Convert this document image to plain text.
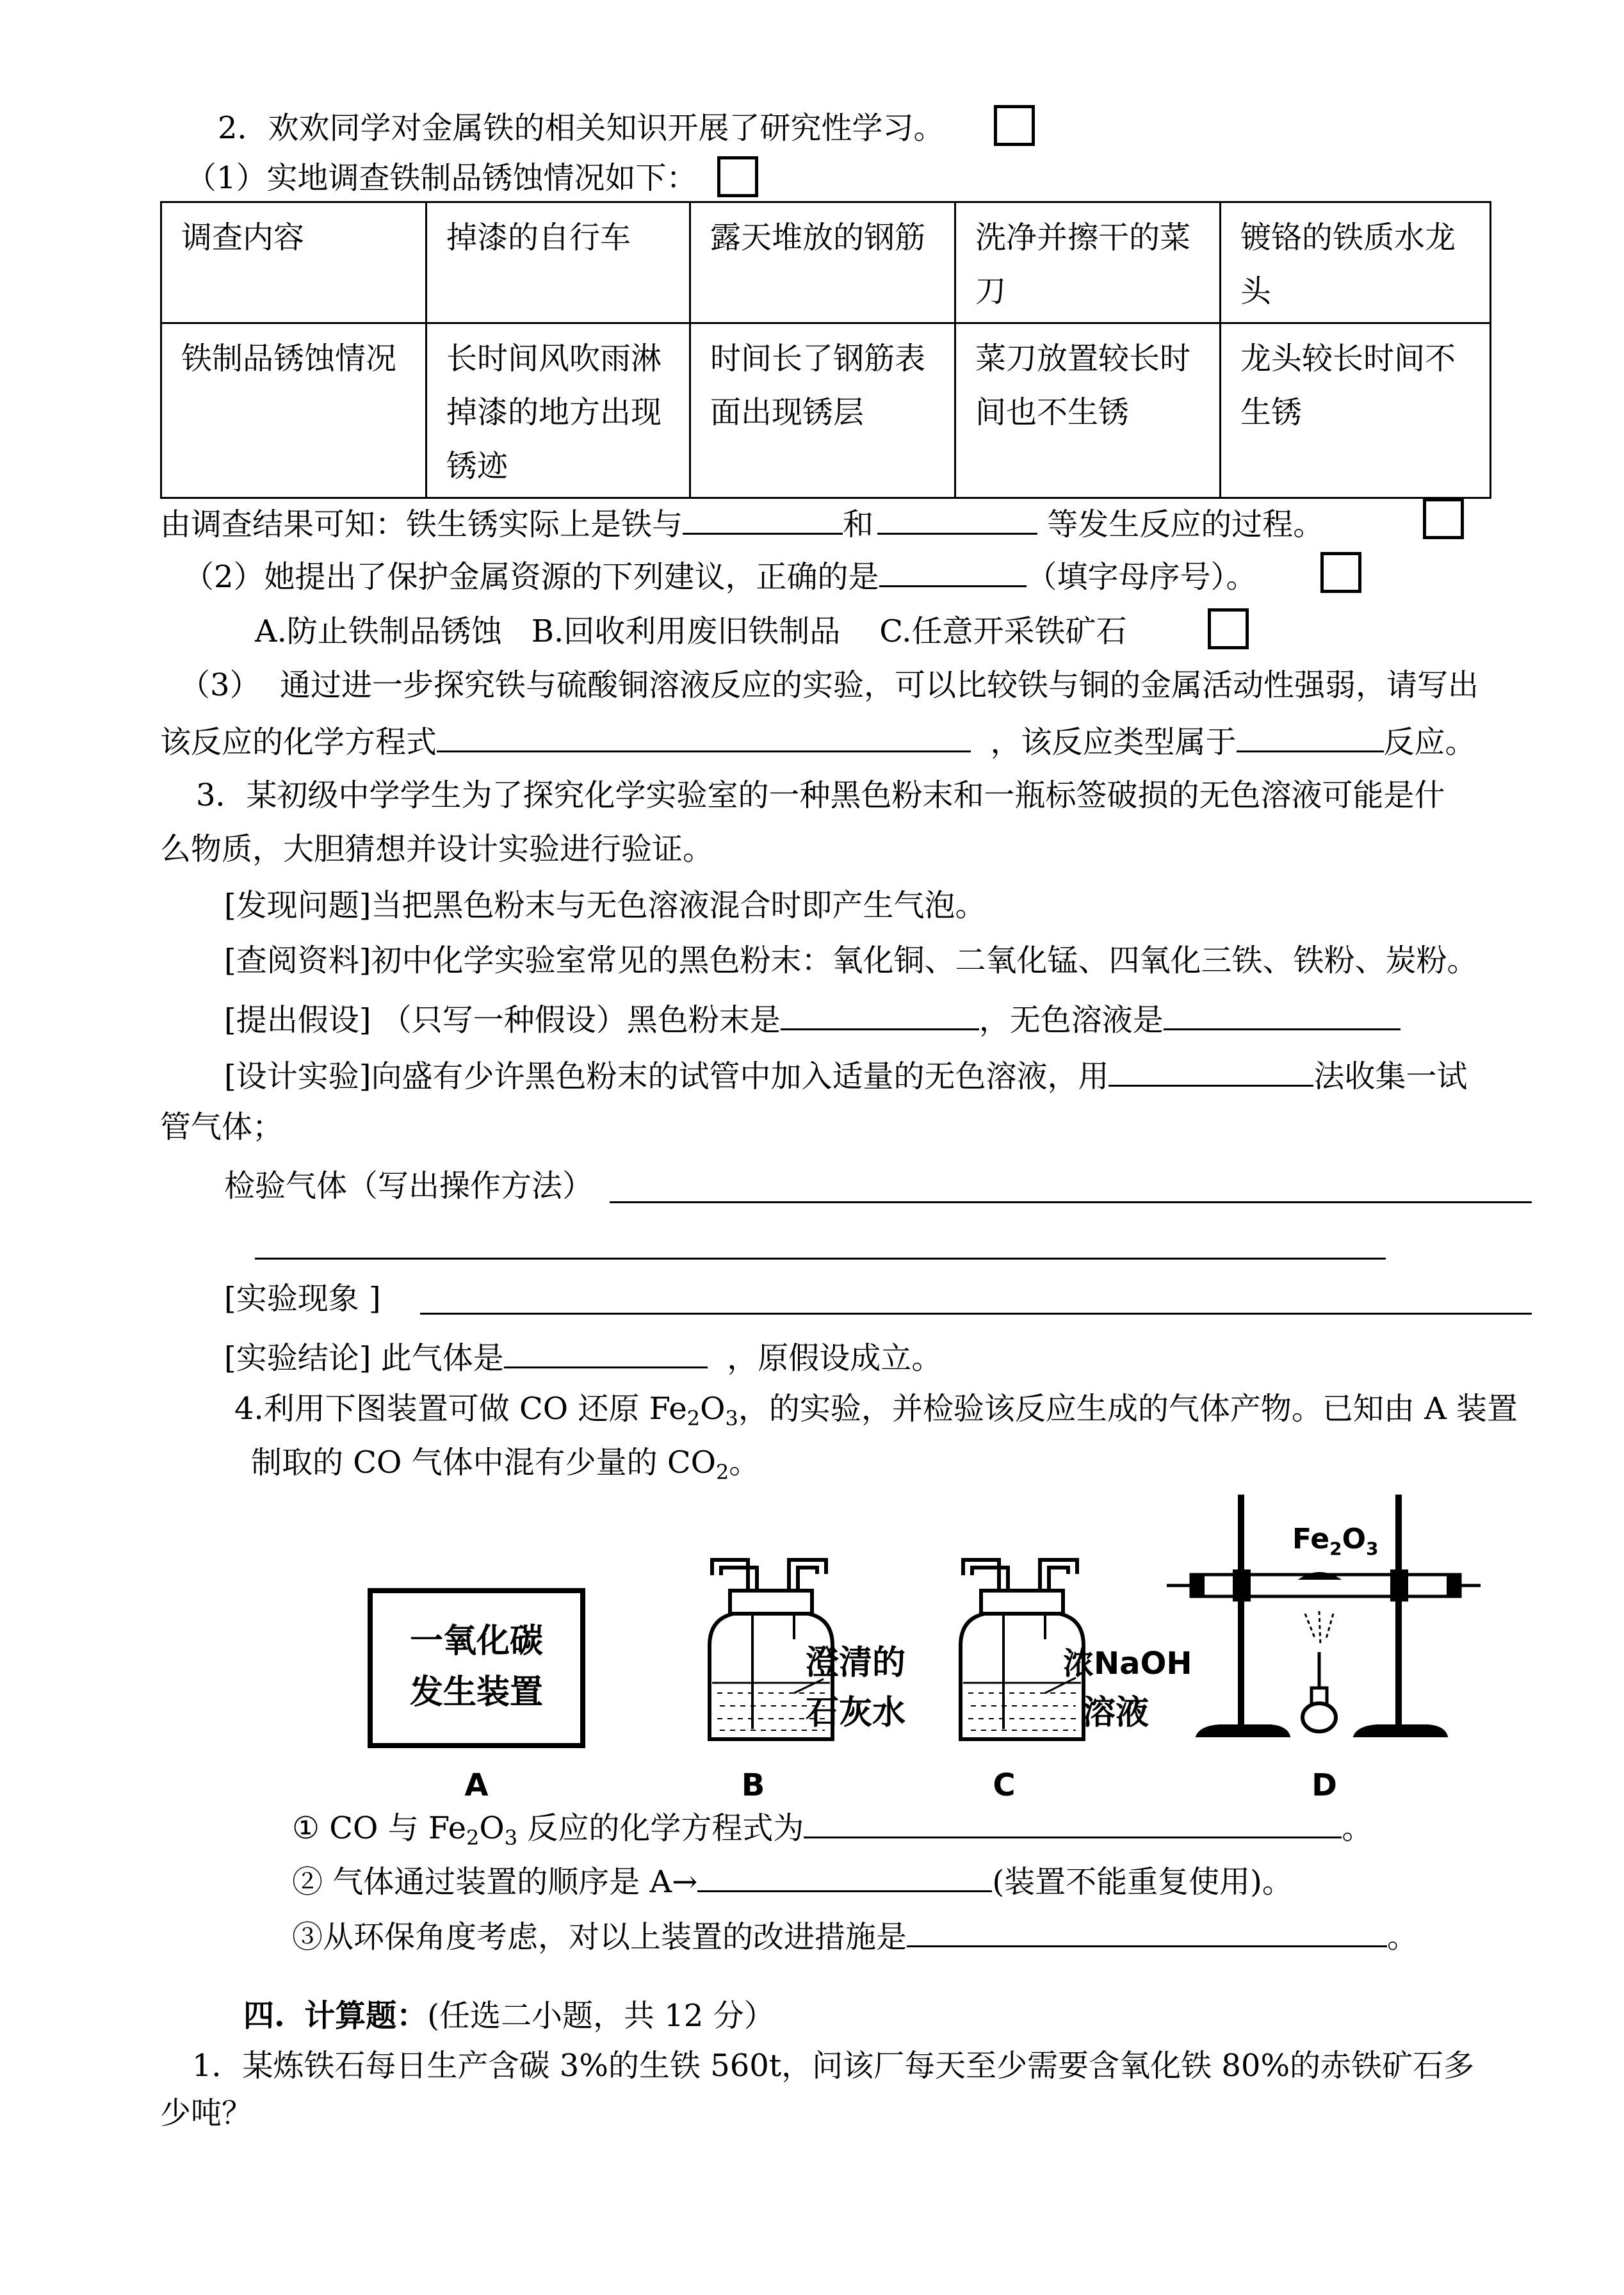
2．欢欢同学对金属铁的相关知识开展了研究性学习。
（1）实地调查铁制品锈蚀情况如下：
调查内容	掉漆的自行车	露天堆放的钢筋	洗净并擦干的菜刀	镀铬的铁质水龙头
铁制品锈蚀情况	长时间风吹雨淋掉漆的地方出现锈迹	时间长了钢筋表面出现锈层	菜刀放置较长时间也不生锈	龙头较长时间不生锈
由调查结果可知：铁生锈实际上是铁与	和	等发生反应的过程。
（2）她提出了保护金属资源的下列建议，正确的是	（填字母序号）。
A.防止铁制品锈蚀   B.回收利用废旧铁制品    C.任意开采铁矿石
（3）  通过进一步探究铁与硫酸铜溶液反应的实验，可以比较铁与铜的金属活动性强弱，请写出
该反应的化学方程式	，该反应类型属于	反应。
3．某初级中学学生为了探究化学实验室的一种黑色粉末和一瓶标签破损的无色溶液可能是什
么物质，大胆猜想并设计实验进行验证。
[发现问题]当把黑色粉末与无色溶液混合时即产生气泡。
[查阅资料]初中化学实验室常见的黑色粉末：氧化铜、二氧化锰、四氧化三铁、铁粉、炭粉。
[提出假设] （只写一种假设）黑色粉末是	，无色溶液是
[设计实验]向盛有少许黑色粉末的试管中加入适量的无色溶液，用	法收集一试
管气体；
检验气体（写出操作方法）
[实验现象 ]
[实验结论] 此气体是	，原假设成立。
4.利用下图装置可做 CO 还原 $Fe_2O_3$，的实验，并检验该反应生成的气体产物。已知由 A 装置
制取的 CO 气体中混有少量的 $CO_2$。
一氧化碳
发生装置
澄清的
石灰水
浓NaOH
溶液
$Fe_2O_3$
A	B	C	D
① CO 与 $Fe_2O_3$ 反应的化学方程式为	。
② 气体通过装置的顺序是 A→	(装置不能重复使用)。
③从环保角度考虑，对以上装置的改进措施是	。
四. 计算题：(任选二小题，共 12 分）
1．某炼铁石每日生产含碳 3%的生铁 560t，问该厂每天至少需要含氧化铁 80%的赤铁矿石多
少吨？
